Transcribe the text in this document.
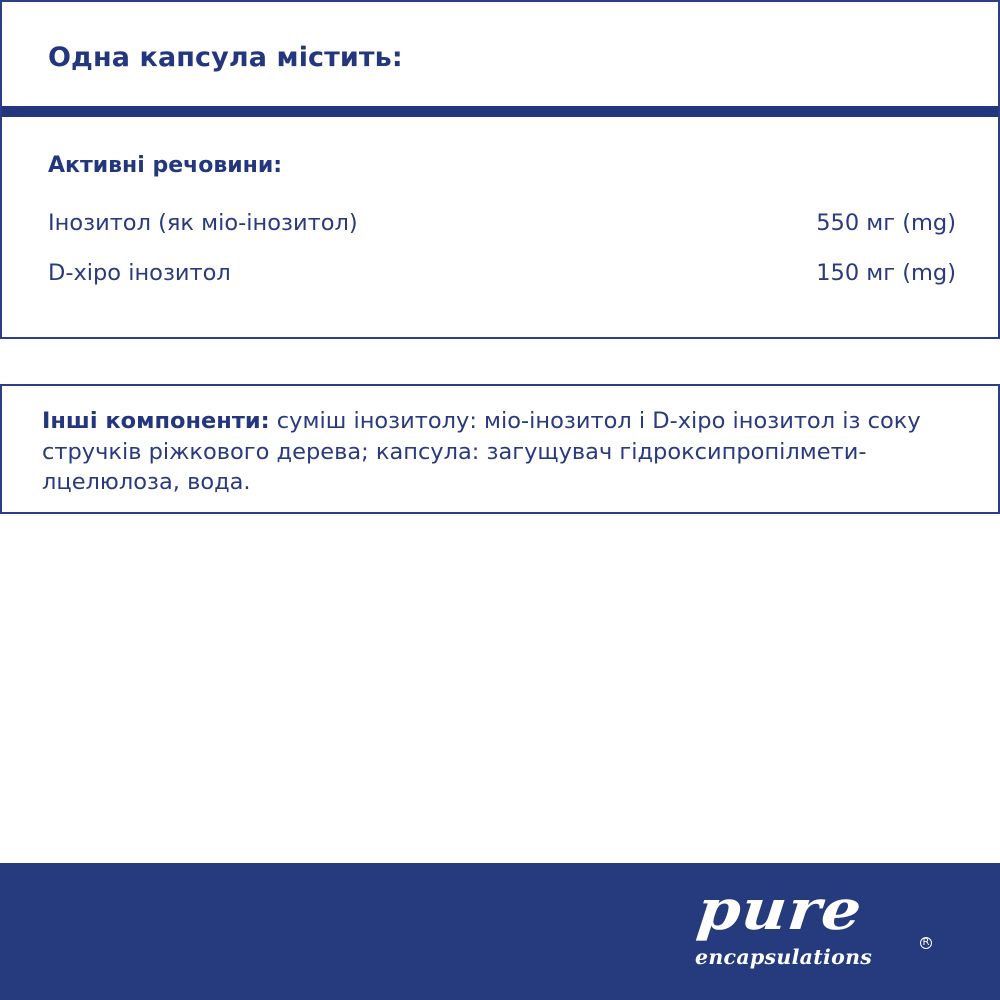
Одна капсула містить:
Активні речовини:
Інозитол (як міо-інозитол)	550 мг (mg)
D-хіро інозитол	150 мг (mg)

Інші компоненти: суміш інозитолу: міо-інозитол і D-хіро інозитол із соку стручків ріжкового дерева; капсула: загущувач гідроксипропілмети-лцелюлоза, вода.

pure	R
encapsulations
